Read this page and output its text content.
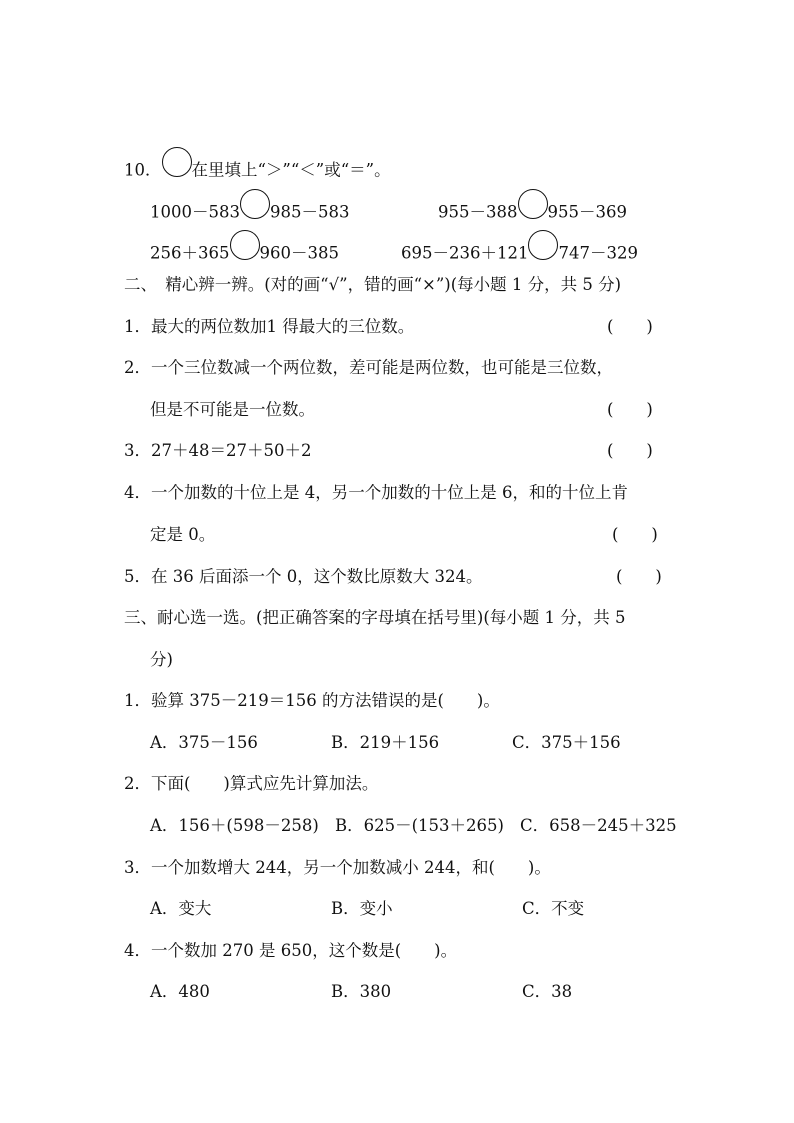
10． 在里填上“＞”“＜”或“＝”。
1000－583 985－583	955－388 955－369
256＋365 960－385	695－236＋121 747－329
二、　精心辨一辨。(对的画“√”，错的画“×”)(每小题 1 分，共 5 分)
1．最大的两位数加1 得最大的三位数。	(　　)
2．一个三位数减一个两位数，差可能是两位数，也可能是三位数，
但是不可能是一位数。	(　　)
3．27＋48＝27＋50＋2	(　　)
4．一个加数的十位上是 4，另一个加数的十位上是 6，和的十位上肯
定是 0。	(　　)
5．在 36 后面添一个 0，这个数比原数大 324。	(　　)
三、耐心选一选。(把正确答案的字母填在括号里)(每小题 1 分，共 5
分)
1．验算 375－219＝156 的方法错误的是(　　)。
A．375－156	B．219＋156	C．375＋156
2．下面(　　)算式应先计算加法。
A．156＋(598－258) B．625－(153＋265) C．658－245＋325
3．一个加数增大 244，另一个加数减小 244，和(　　)。
A．变大	B．变小	C．不变
4．一个数加 270 是 650，这个数是(　　)。
A．480	B．380	C．38
